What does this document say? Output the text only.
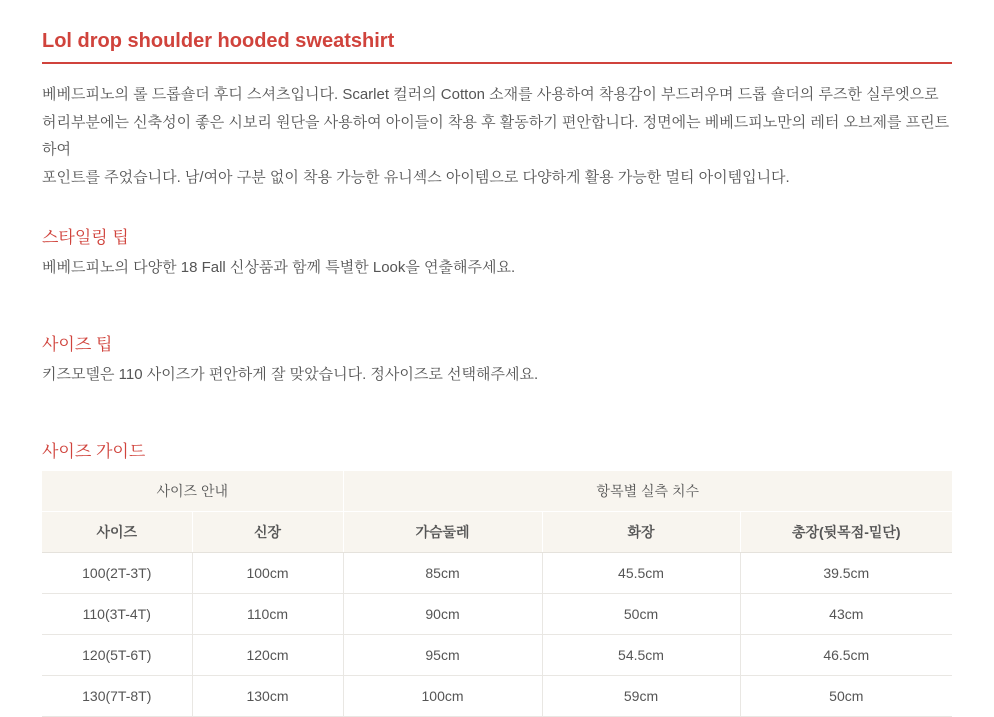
Lol drop shoulder hooded sweatshirt
베베드피노의 롤 드롭숄더 후디 스셔츠입니다. Scarlet 컬러의 Cotton 소재를 사용하여 착용감이 부드러우며 드롭 숄더의 루즈한 실루엣으로
허리부분에는 신축성이 좋은 시보리 원단을 사용하여 아이들이 착용 후 활동하기 편안합니다. 정면에는 베베드피노만의 레터 오브제를 프린트하여
포인트를 주었습니다. 남/여아 구분 없이 착용 가능한 유니섹스 아이템으로 다양하게 활용 가능한 멀티 아이템입니다.
스타일링 팁

베베드피노의 다양한 18 Fall 신상품과 함께 특별한 Look을 연출해주세요.

사이즈 팁

키즈모델은 110 사이즈가 편안하게 잘 맞았습니다. 정사이즈로 선택해주세요.

사이즈 가이드
사이즈 안내		항목별 실측 치수		
사이즈	신장	가슴둘레	화장	총장(뒷목점-밑단)
100(2T-3T)	100cm	85cm	45.5cm	39.5cm
110(3T-4T)	110cm	90cm	50cm	43cm
120(5T-6T)	120cm	95cm	54.5cm	46.5cm
130(7T-8T)	130cm	100cm	59cm	50cm
